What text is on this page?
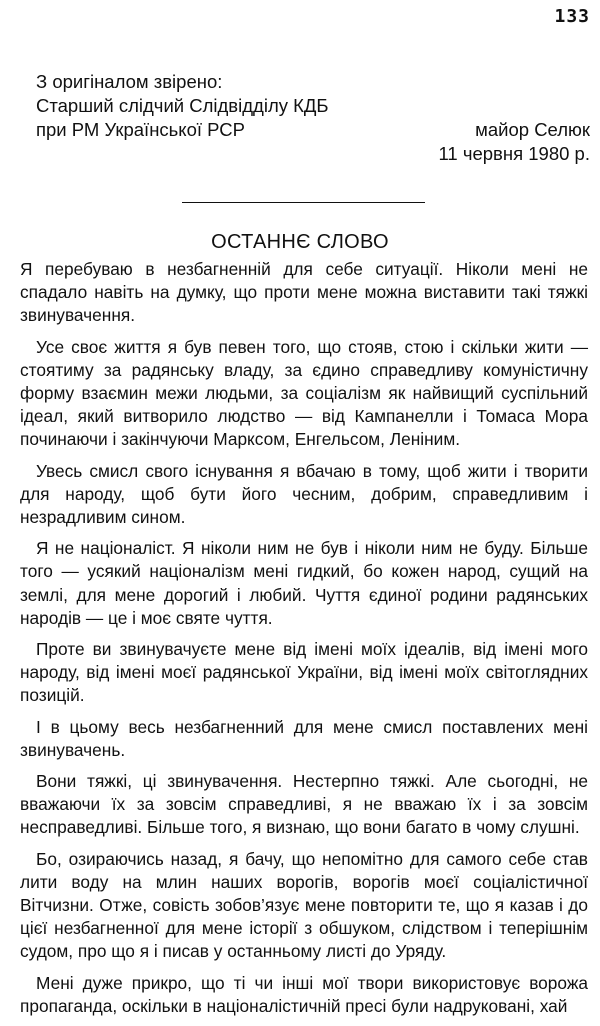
133
З оригіналом звірено:
Старший слідчий Слідвідділу КДБ
при РМ Української РСР	майор Селюк
11 червня 1980 р.
ОСТАННЄ СЛОВО

Я перебуваю в незбагненній для себе ситуації. Ніколи мені не спадало навіть на думку, що проти мене можна виставити такі тяжкі звинувачення.

Усе своє життя я був певен того, що стояв, стою і скільки жити — стоятиму за радянську владу, за єдино справедливу комуністичну форму взаємин межи людьми, за соціалізм як найвищий суспільний ідеал, який витворило людство — від Кампанелли і Томаса Мора починаючи і закінчуючи Марксом, Енгельсом, Леніним.

Увесь смисл свого існування я вбачаю в тому, щоб жити і творити для народу, щоб бути його чесним, добрим, справедливим і незрадливим сином.

Я не націоналіст. Я ніколи ним не був і ніколи ним не буду. Більше того — усякий націоналізм мені гидкий, бо кожен народ, сущий на землі, для мене дорогий і любий. Чуття єдиної родини радянських народів — це і моє святе чуття.

Проте ви звинувачуєте мене від імені моїх ідеалів, від імені мого народу, від імені моєї радянської України, від імені моїх світоглядних позицій.

І в цьому весь незбагненний для мене смисл поставлених мені звинувачень.

Вони тяжкі, ці звинувачення. Нестерпно тяжкі. Але сьогодні, не вважаючи їх за зовсім справедливі, я не вважаю їх і за зовсім несправедливі. Більше того, я визнаю, що вони багато в чому слушні.

Бо, озираючись назад, я бачу, що непомітно для самого себе став лити воду на млин наших ворогів, ворогів моєї соціалістичної Вітчизни. Отже, совість зобов’язує мене повторити те, що я казав і до цієї незбагненної для мене історії з обшуком, слідством і теперішнім судом, про що я і писав у останньому листі до Уряду.

Мені дуже прикро, що ті чи інші мої твори використовує ворожа пропаганда, оскільки в націоналістичній пресі були надруковані, хай
